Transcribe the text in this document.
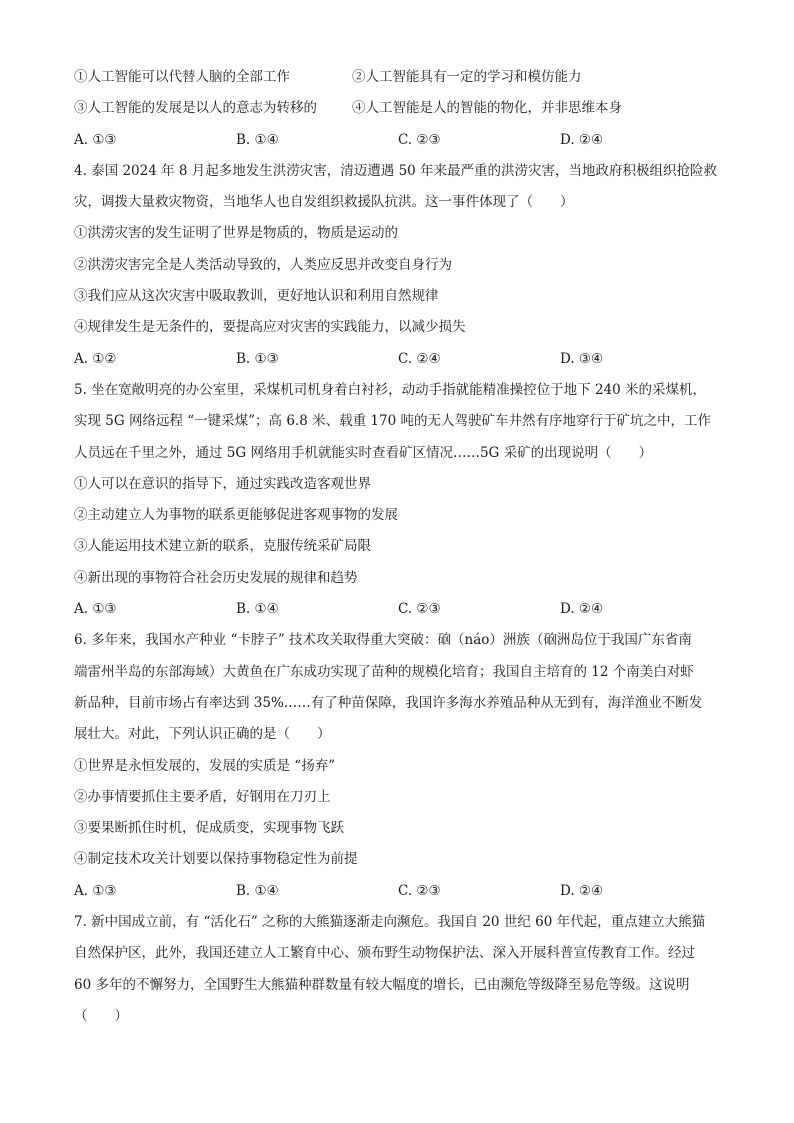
①人工智能可以代替人脑的全部工作	②人工智能具有一定的学习和模仿能力
③人工智能的发展是以人的意志为转移的	④人工智能是人的智能的物化，并非思维本身
A. ①③	B. ①④	C. ②③	D. ②④
4. 泰国 2024 年 8 月起多地发生洪涝灾害，清迈遭遇 50 年来最严重的洪涝灾害，当地政府积极组织抢险救
灾，调拨大量救灾物资，当地华人也自发组织救援队抗洪。这一事件体现了（　　）
①洪涝灾害的发生证明了世界是物质的，物质是运动的
②洪涝灾害完全是人类活动导致的，人类应反思并改变自身行为
③我们应从这次灾害中吸取教训，更好地认识和利用自然规律
④规律发生是无条件的，要提高应对灾害的实践能力，以减少损失
A. ①②	B. ①③	C. ②④	D. ③④
5. 坐在宽敞明亮的办公室里，采煤机司机身着白衬衫，动动手指就能精准操控位于地下 240 米的采煤机，
实现 5G 网络远程 “一键采煤”；高 6.8 米、载重 170 吨的无人驾驶矿车井然有序地穿行于矿坑之中，工作
人员远在千里之外，通过 5G 网络用手机就能实时查看矿区情况……5G 采矿的出现说明（　　）
①人可以在意识的指导下，通过实践改造客观世界
②主动建立人为事物的联系更能够促进客观事物的发展
③人能运用技术建立新的联系，克服传统采矿局限
④新出现的事物符合社会历史发展的规律和趋势
A. ①③	B. ①④	C. ②③	D. ②④
6. 多年来，我国水产种业 “卡脖子” 技术攻关取得重大突破：硇（náo）洲族（硇洲岛位于我国广东省南
端雷州半岛的东部海域）大黄鱼在广东成功实现了苗种的规模化培育；我国自主培育的 12 个南美白对虾
新品种，目前市场占有率达到 35%……有了种苗保障，我国许多海水养殖品种从无到有，海洋渔业不断发
展壮大。对此，下列认识正确的是（　　）
①世界是永恒发展的，发展的实质是 “扬弃”
②办事情要抓住主要矛盾，好钢用在刀刃上
③要果断抓住时机，促成质变，实现事物飞跃
④制定技术攻关计划要以保持事物稳定性为前提
A. ①③	B. ①④	C. ②③	D. ②④
7. 新中国成立前，有 “活化石” 之称的大熊猫逐渐走向濒危。我国自 20 世纪 60 年代起，重点建立大熊猫
自然保护区，此外，我国还建立人工繁育中心、颁布野生动物保护法、深入开展科普宣传教育工作。经过
60 多年的不懈努力，全国野生大熊猫种群数量有较大幅度的增长，已由濒危等级降至易危等级。这说明
（　　）
